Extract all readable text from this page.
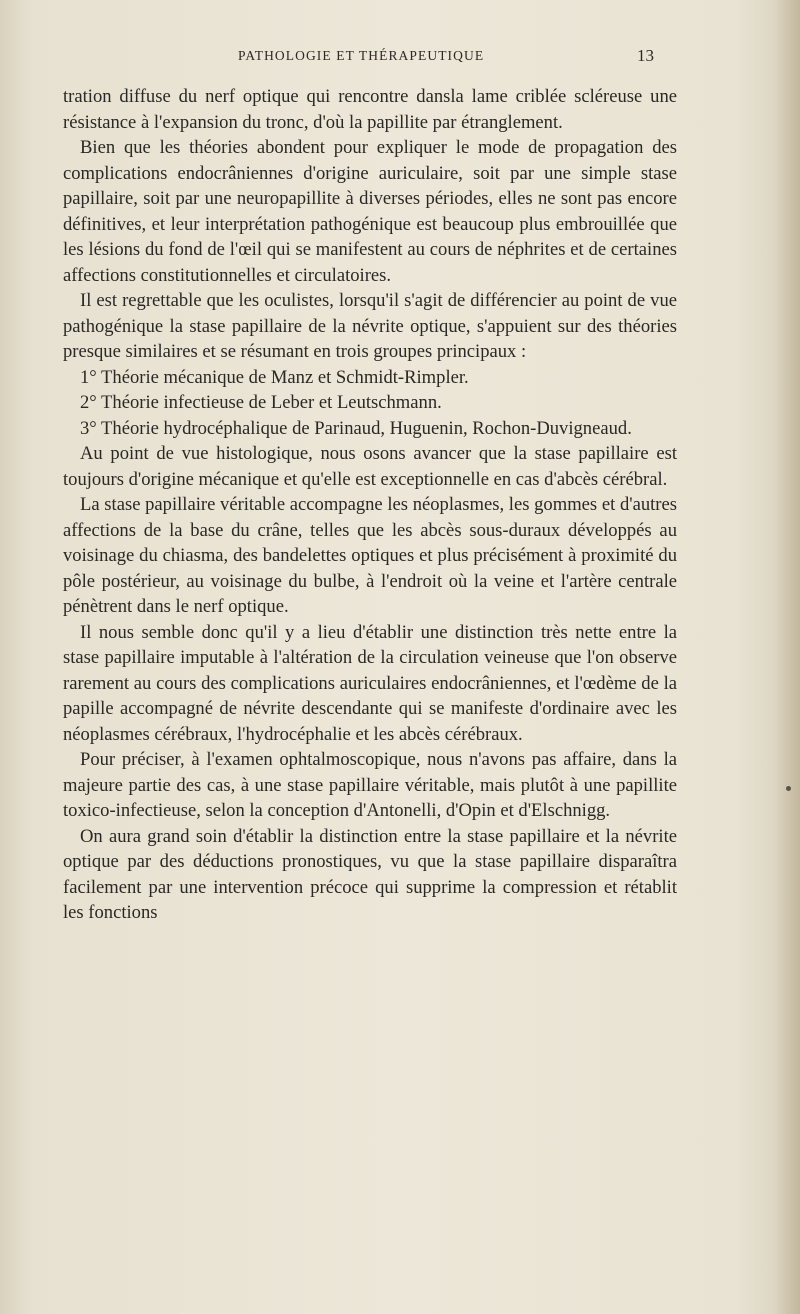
PATHOLOGIE ET THÉRAPEUTIQUE	13

tration diffuse du nerf optique qui rencontre dansla lame criblée scléreuse une résistance à l'expansion du tronc, d'où la papillite par étranglement.

Bien que les théories abondent pour expliquer le mode de propagation des complications endocrâniennes d'origine auriculaire, soit par une simple stase papillaire, soit par une neuropapillite à diverses périodes, elles ne sont pas encore définitives, et leur interprétation pathogénique est beaucoup plus embrouillée que les lésions du fond de l'œil qui se manifestent au cours de néphrites et de certaines affections constitutionnelles et circulatoires.

Il est regrettable que les oculistes, lorsqu'il s'agit de différencier au point de vue pathogénique la stase papillaire de la névrite optique, s'appuient sur des théories presque similaires et se résumant en trois groupes principaux :

1° Théorie mécanique de Manz et Schmidt-Rimpler.

2° Théorie infectieuse de Leber et Leutschmann.

3° Théorie hydrocéphalique de Parinaud, Huguenin, Rochon-Duvigneaud.

Au point de vue histologique, nous osons avancer que la stase papillaire est toujours d'origine mécanique et qu'elle est exceptionnelle en cas d'abcès cérébral.

La stase papillaire véritable accompagne les néoplasmes, les gommes et d'autres affections de la base du crâne, telles que les abcès sous-duraux développés au voisinage du chiasma, des bandelettes optiques et plus précisément à proximité du pôle postérieur, au voisinage du bulbe, à l'endroit où la veine et l'artère centrale pénètrent dans le nerf optique.

Il nous semble donc qu'il y a lieu d'établir une distinction très nette entre la stase papillaire imputable à l'altération de la circulation veineuse que l'on observe rarement au cours des complications auriculaires endocrâniennes, et l'œdème de la papille accompagné de névrite descendante qui se manifeste d'ordinaire avec les néoplasmes cérébraux, l'hydrocéphalie et les abcès cérébraux.

Pour préciser, à l'examen ophtalmoscopique, nous n'avons pas affaire, dans la majeure partie des cas, à une stase papillaire véritable, mais plutôt à une papillite toxico-infectieuse, selon la conception d'Antonelli, d'Opin et d'Elschnigg.

On aura grand soin d'établir la distinction entre la stase papillaire et la névrite optique par des déductions pronostiques, vu que la stase papillaire disparaîtra facilement par une intervention précoce qui supprime la compression et rétablit les fonctions
